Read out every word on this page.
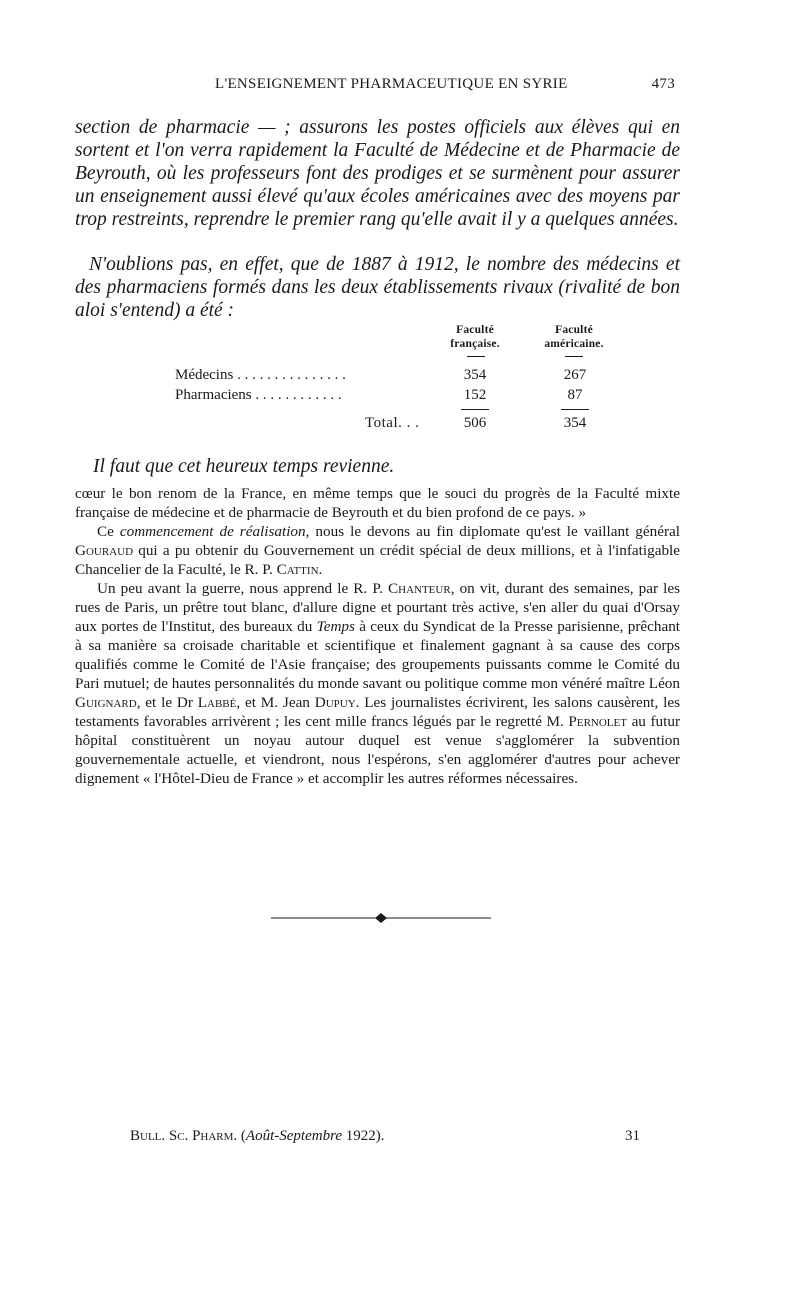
L'ENSEIGNEMENT PHARMACEUTIQUE EN SYRIE	473
section de pharmacie — ; assurons les postes officiels aux élèves qui en sortent et l'on verra rapidement la Faculté de Médecine et de Pharmacie de Beyrouth, où les professeurs font des prodiges et se surmènent pour assurer un enseignement aussi élevé qu'aux écoles américaines avec des moyens par trop restreints, reprendre le premier rang qu'elle avait il y a quelques années.
N'oublions pas, en effet, que de 1887 à 1912, le nombre des médecins et des pharmaciens formés dans les deux établissements rivaux (rivalité de bon aloi s'entend) a été :
Faculté
française.
Faculté
américaine.
Médecins . . . . . . . . . . . . . . .	354	267
Pharmaciens . . . . . . . . . . . .	152	87
Total. . .	506	354
Il faut que cet heureux temps revienne.

cœur le bon renom de la France, en même temps que le souci du progrès de la Faculté mixte française de médecine et de pharmacie de Beyrouth et du bien profond de ce pays. »

Ce commencement de réalisation, nous le devons au fin diplomate qu'est le vaillant général Gouraud qui a pu obtenir du Gouvernement un crédit spécial de deux millions, et à l'infatigable Chancelier de la Faculté, le R. P. Cattin.

Un peu avant la guerre, nous apprend le R. P. Chanteur, on vit, durant des semaines, par les rues de Paris, un prêtre tout blanc, d'allure digne et pourtant très active, s'en aller du quai d'Orsay aux portes de l'Institut, des bureaux du Temps à ceux du Syndicat de la Presse parisienne, prêchant à sa manière sa croisade charitable et scientifique et finalement gagnant à sa cause des corps qualifiés comme le Comité de l'Asie française; des groupements puissants comme le Comité du Pari mutuel; de hautes personnalités du monde savant ou politique comme mon vénéré maître Léon Guignard, et le Dr Labbé, et M. Jean Dupuy. Les journalistes écrivirent, les salons causèrent, les testaments favorables arrivèrent ; les cent mille francs légués par le regretté M. Pernolet au futur hôpital constituèrent un noyau autour duquel est venue s'agglomérer la subvention gouvernementale actuelle, et viendront, nous l'espérons, s'en agglomérer d'autres pour achever dignement « l'Hôtel-Dieu de France » et accomplir les autres réformes nécessaires.

Bull. Sc. Pharm. (Août-Septembre 1922).	31
